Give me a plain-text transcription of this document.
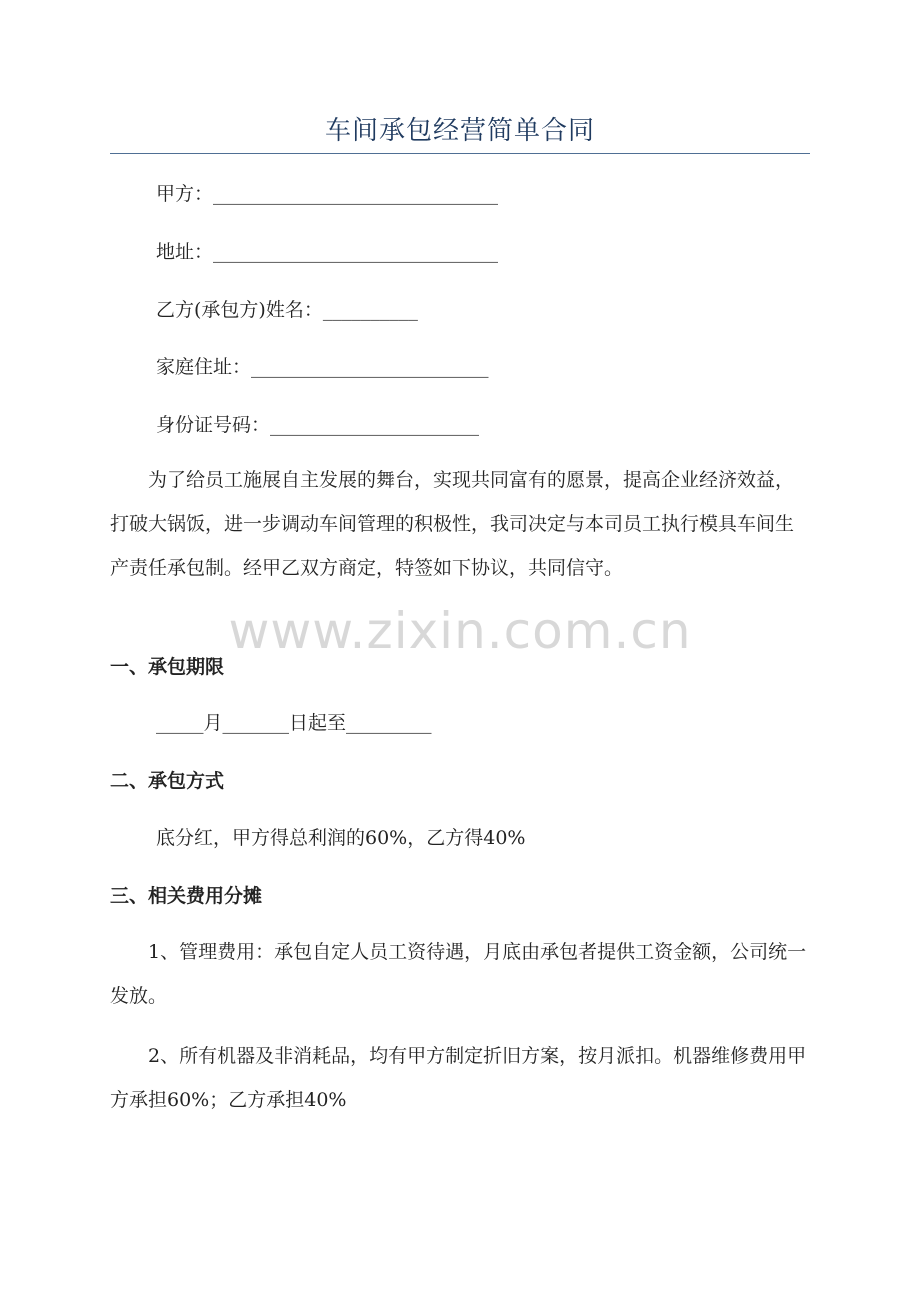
车间承包经营简单合同
甲方：______________________________
地址：______________________________
乙方(承包方)姓名：__________
家庭住址：_________________________
身份证号码：______________________
　　为了给员工施展自主发展的舞台，实现共同富有的愿景，提高企业经济效益，打破大锅饭，进一步调动车间管理的积极性，我司决定与本司员工执行模具车间生产责任承包制。经甲乙双方商定，特签如下协议，共同信守。
www.zixin.com.cn
一、承包期限
_____月_______日起至_________
二、承包方式
底分红，甲方得总利润的60%，乙方得40%
三、相关费用分摊
　　1、管理费用：承包自定人员工资待遇，月底由承包者提供工资金额，公司统一发放。
　　2、所有机器及非消耗品，均有甲方制定折旧方案，按月派扣。机器维修费用甲方承担60%；乙方承担40%
